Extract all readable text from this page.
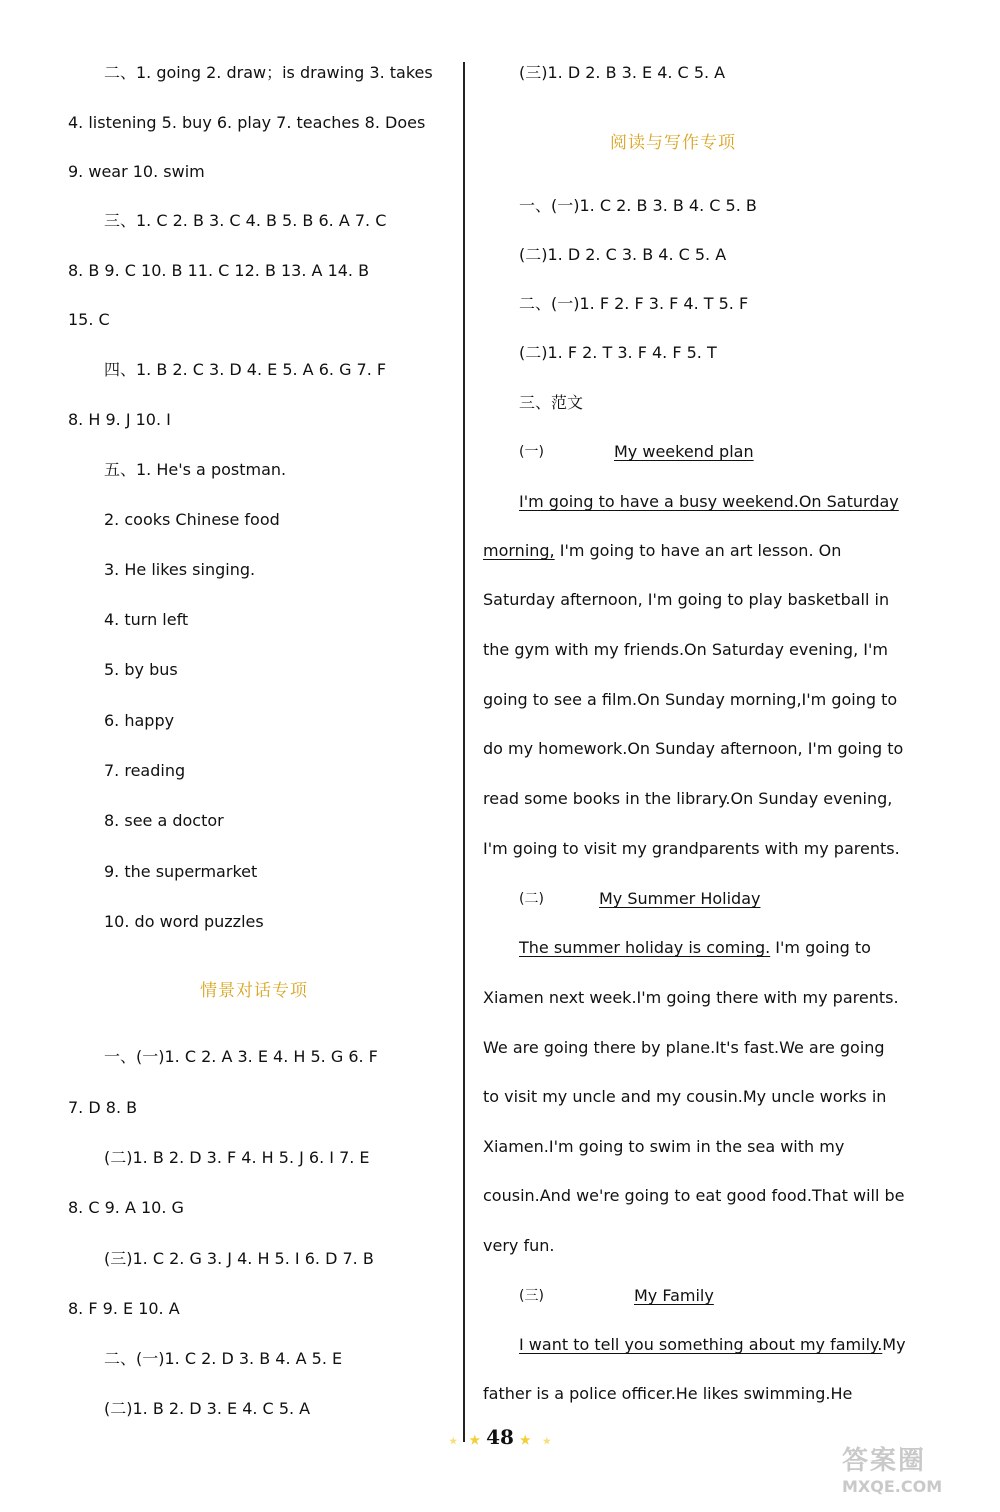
二、1. going 2. draw；is drawing 3. takes
4. listening 5. buy 6. play 7. teaches 8. Does
9. wear 10. swim
三、1. C 2. B 3. C 4. B 5. B 6. A 7. C
8. B 9. C 10. B 11. C 12. B 13. A 14. B
15. C
四、1. B 2. C 3. D 4. E 5. A 6. G 7. F
8. H 9. J 10. I
五、1. He's a postman.
2. cooks Chinese food
3. He likes singing.
4. turn left
5. by bus
6. happy
7. reading
8. see a doctor
9. the supermarket
10. do word puzzles
情景对话专项
一、(一)1. C 2. A 3. E 4. H 5. G 6. F
7. D 8. B
(二)1. B 2. D 3. F 4. H 5. J 6. I 7. E
8. C 9. A 10. G
(三)1. C 2. G 3. J 4. H 5. I 6. D 7. B
8. F 9. E 10. A
二、(一)1. C 2. D 3. B 4. A 5. E
(二)1. B 2. D 3. E 4. C 5. A
(三)1. D 2. B 3. E 4. C 5. A
阅读与写作专项
一、(一)1. C 2. B 3. B 4. C 5. B
(二)1. D 2. C 3. B 4. C 5. A
二、(一)1. F 2. F 3. F 4. T 5. F
(二)1. F 2. T 3. F 4. F 5. T
三、范文
(一)	My weekend plan
I'm going to have a busy weekend.On Saturday
morning, I'm going to have an art lesson. On
Saturday afternoon, I'm going to play basketball in
the gym with my friends.On Saturday evening, I'm
going to see a film.On Sunday morning,I'm going to
do my homework.On Sunday afternoon, I'm going to
read some books in the library.On Sunday evening,
I'm going to visit my grandparents with my parents.
(二)	My Summer Holiday
The summer holiday is coming. I'm going to
Xiamen next week.I'm going there with my parents.
We are going there by plane.It's fast.We are going
to visit my uncle and my cousin.My uncle works in
Xiamen.I'm going to swim in the sea with my
cousin.And we're going to eat good food.That will be
very fun.
(三)	My Family
I want to tell you something about my family.My
father is a police officer.He likes swimming.He
★ ★ 48 ★ ★
答案圈
MXQE.COM
